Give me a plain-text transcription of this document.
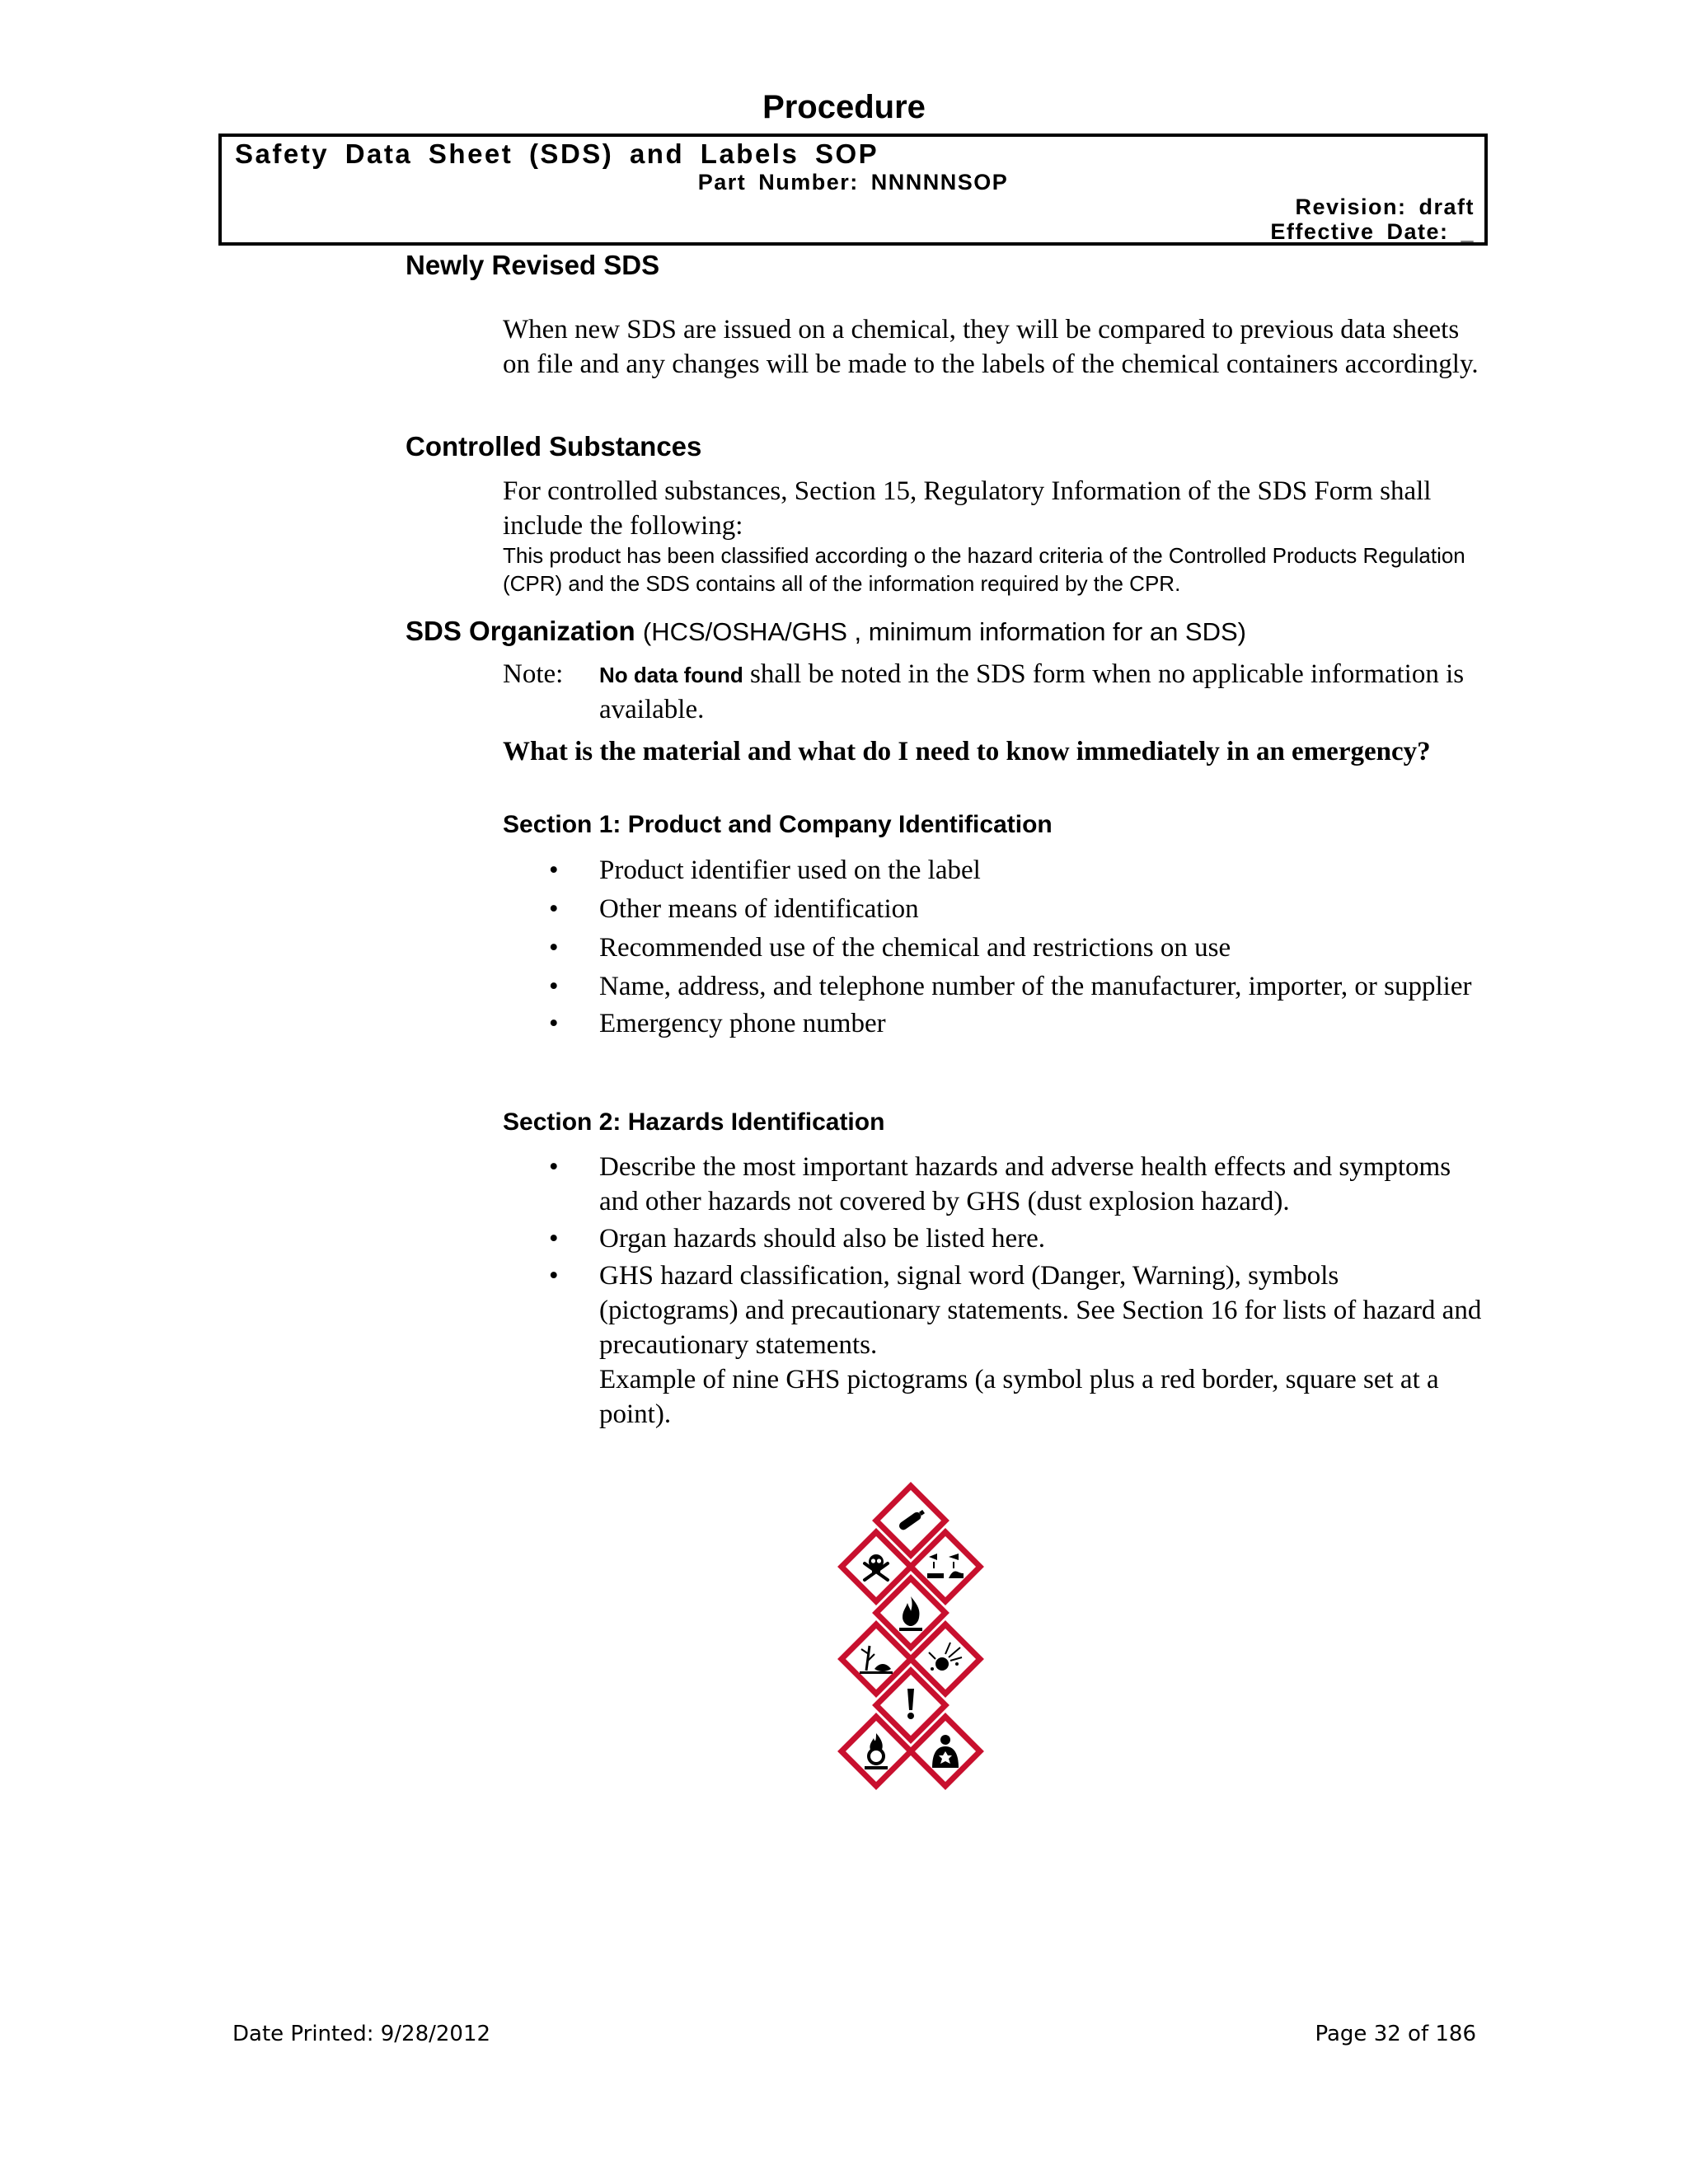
Procedure
Safety Data Sheet (SDS) and Labels SOP
Part Number: NNNNNSOP
Revision: draft
Effective Date: _
Newly Revised SDS

When new SDS are issued on a chemical, they will be compared to previous data sheets on file and any changes will be made to the labels of the chemical containers accordingly.

Controlled Substances

For controlled substances, Section 15, Regulatory Information of the SDS Form shall include the following:

This product has been classified according o the hazard criteria of the Controlled Products Regulation (CPR) and the SDS contains all of the information required by the CPR.

SDS Organization (HCS/OSHA/GHS , minimum information for an SDS)
Note: No data found shall be noted in the SDS form when no applicable information is available.

What is the material and what do I need to know immediately in an emergency?

Section 1: Product and Company Identification
• Product identifier used on the label
• Other means of identification
• Recommended use of the chemical and restrictions on use
• Name, address, and telephone number of the manufacturer, importer, or supplier
• Emergency phone number
Section 2: Hazards Identification
• Describe the most important hazards and adverse health effects and symptoms and other hazards not covered by GHS (dust explosion hazard).
• Organ hazards should also be listed here.
• GHS hazard classification, signal word (Danger, Warning), symbols (pictograms) and precautionary statements. See Section 16 for lists of hazard and precautionary statements.
Example of nine GHS pictograms (a symbol plus a red border, square set at a point).
Date Printed: 9/28/2012	Page 32 of 186
